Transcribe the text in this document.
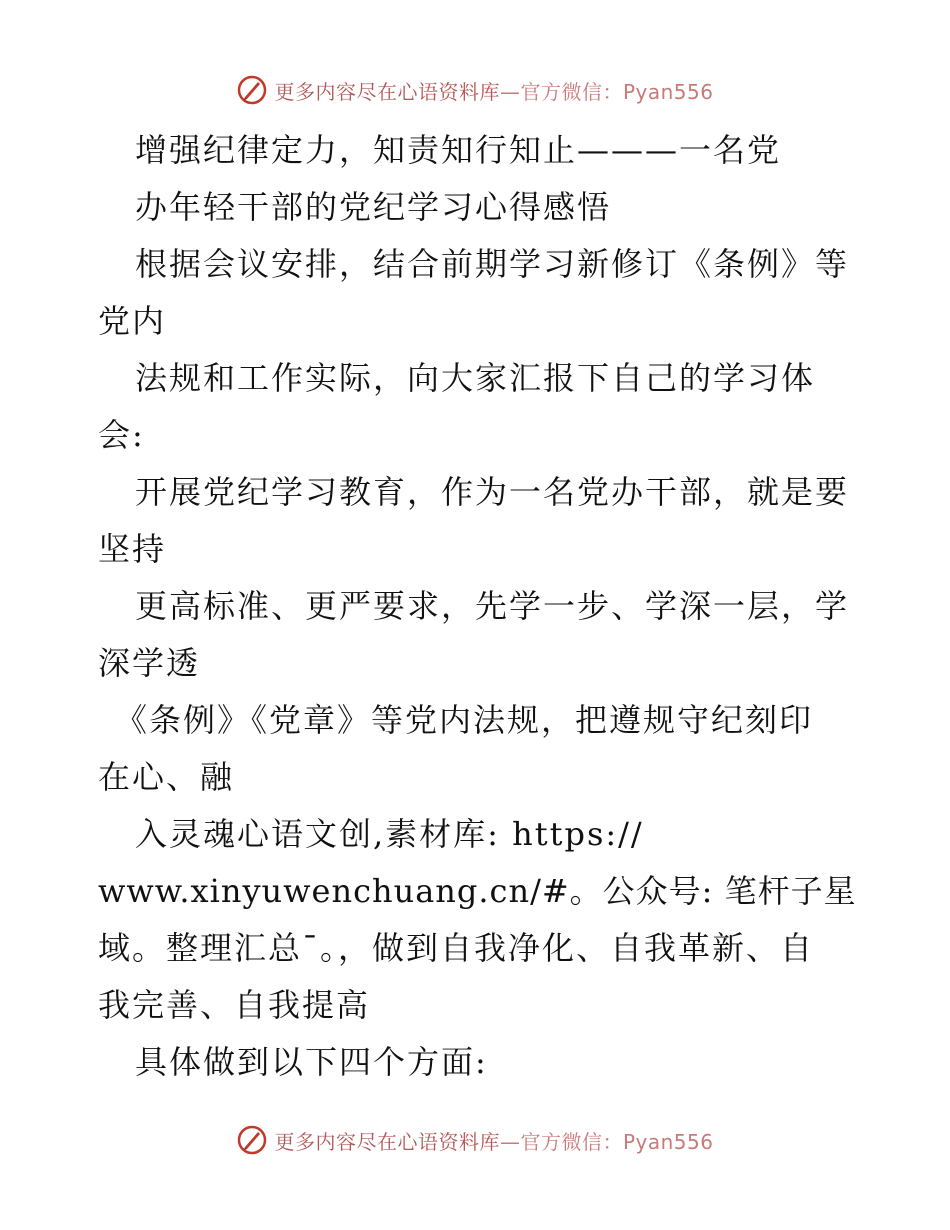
更多内容尽在心语资料库—官方微信：Pyan556
增强纪律定力，知责知行知止———一名党
办年轻干部的党纪学习心得感悟
根据会议安排，结合前期学习新修订《条例》等
党内
法规和工作实际，向大家汇报下自己的学习体
会:
开展党纪学习教育，作为一名党办干部，就是要
坚持
更高标准、更严要求，先学一步、学深一层，学
深学透
《条例》《党章》等党内法规，把遵规守纪刻印
在心、融
入灵魂心语文创,素材库: https://
www.xinyuwenchuang.cn/#。公众号: 笔杆子星
域。整理汇总¯。，做到自我净化、自我革新、自
我完善、自我提高
具体做到以下四个方面:
更多内容尽在心语资料库—官方微信：Pyan556
